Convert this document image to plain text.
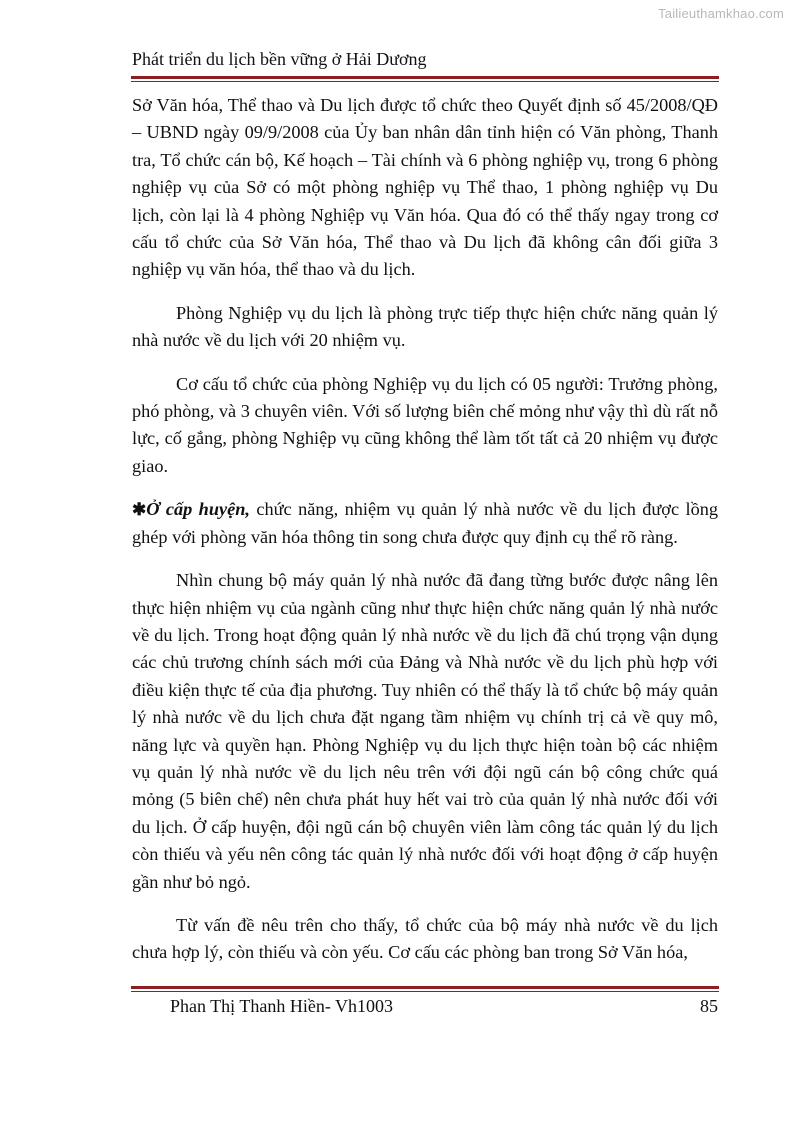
Tailieuthamkhao.com
Phát triển du lịch bền vững ở Hải Dương

Sở Văn hóa, Thể thao và Du lịch được tổ chức theo Quyết định số 45/2008/QĐ – UBND ngày 09/9/2008 của Ủy ban nhân dân tỉnh hiện có Văn phòng, Thanh tra, Tổ chức cán bộ, Kế hoạch – Tài chính và 6 phòng nghiệp vụ, trong 6 phòng nghiệp vụ của Sở có một phòng nghiệp vụ Thể thao, 1 phòng nghiệp vụ Du lịch, còn lại là 4 phòng Nghiệp vụ Văn hóa. Qua đó có thể thấy ngay trong cơ cấu tổ chức của Sở Văn hóa, Thể thao và Du lịch đã không cân đối giữa 3 nghiệp vụ văn hóa, thể thao và du lịch.

Phòng Nghiệp vụ du lịch là phòng trực tiếp thực hiện chức năng quản lý nhà nước về du lịch với 20 nhiệm vụ.

Cơ cấu tổ chức của phòng Nghiệp vụ du lịch có 05 người: Trưởng phòng, phó phòng, và 3 chuyên viên. Với số lượng biên chế mỏng như vậy thì dù rất nỗ lực, cố gắng, phòng Nghiệp vụ cũng không thể làm tốt tất cả 20 nhiệm vụ được giao.

✱Ở cấp huyện, chức năng, nhiệm vụ quản lý nhà nước về du lịch được lồng ghép với phòng văn hóa thông tin song chưa được quy định cụ thể rõ ràng.

Nhìn chung bộ máy quản lý nhà nước đã đang từng bước được nâng lên thực hiện nhiệm vụ của ngành cũng như thực hiện chức năng quản lý nhà nước về du lịch. Trong hoạt động quản lý nhà nước về du lịch đã chú trọng vận dụng các chủ trương chính sách mới của Đảng và Nhà nước về du lịch phù hợp với điều kiện thực tế của địa phương. Tuy nhiên có thể thấy là tổ chức bộ máy quản lý nhà nước về du lịch chưa đặt ngang tầm nhiệm vụ chính trị cả về quy mô, năng lực và quyền hạn. Phòng Nghiệp vụ du lịch thực hiện toàn bộ các nhiệm vụ quản lý nhà nước về du lịch nêu trên với đội ngũ cán bộ công chức quá mỏng (5 biên chế) nên chưa phát huy hết vai trò của quản lý nhà nước đối với du lịch. Ở cấp huyện, đội ngũ cán bộ chuyên viên làm công tác quản lý du lịch còn thiếu và yếu nên công tác quản lý nhà nước đối với hoạt động ở cấp huyện gần như bỏ ngỏ.

Từ vấn đề nêu trên cho thấy, tổ chức của bộ máy nhà nước về du lịch chưa hợp lý, còn thiếu và còn yếu. Cơ cấu các phòng ban trong Sở Văn hóa,

Phan Thị Thanh Hiền- Vh1003	85
